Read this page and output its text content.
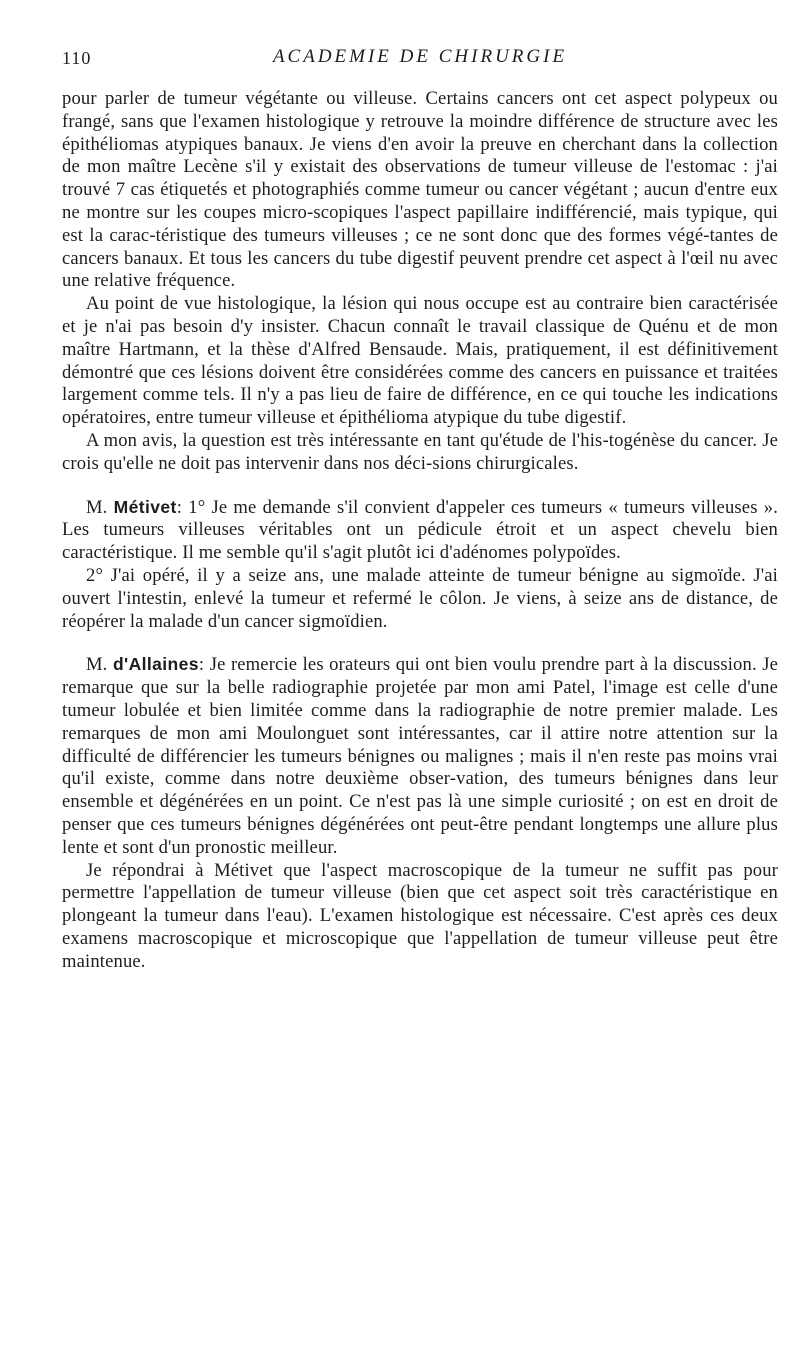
110	ACADEMIE DE CHIRURGIE

pour parler de tumeur végétante ou villeuse. Certains cancers ont cet aspect polypeux ou frangé, sans que l'examen histologique y retrouve la moindre différence de structure avec les épithéliomas atypiques banaux. Je viens d'en avoir la preuve en cherchant dans la collection de mon maître Lecène s'il y existait des observations de tumeur villeuse de l'estomac : j'ai trouvé 7 cas étiquetés et photographiés comme tumeur ou cancer végétant ; aucun d'entre eux ne montre sur les coupes micro-scopiques l'aspect papillaire indifférencié, mais typique, qui est la carac-téristique des tumeurs villeuses ; ce ne sont donc que des formes végé-tantes de cancers banaux. Et tous les cancers du tube digestif peuvent prendre cet aspect à l'œil nu avec une relative fréquence.

Au point de vue histologique, la lésion qui nous occupe est au contraire bien caractérisée et je n'ai pas besoin d'y insister. Chacun connaît le travail classique de Quénu et de mon maître Hartmann, et la thèse d'Alfred Bensaude. Mais, pratiquement, il est définitivement démontré que ces lésions doivent être considérées comme des cancers en puissance et traitées largement comme tels. Il n'y a pas lieu de faire de différence, en ce qui touche les indications opératoires, entre tumeur villeuse et épithélioma atypique du tube digestif.

A mon avis, la question est très intéressante en tant qu'étude de l'his-togénèse du cancer. Je crois qu'elle ne doit pas intervenir dans nos déci-sions chirurgicales.

M. Métivet: 1° Je me demande s'il convient d'appeler ces tumeurs « tumeurs villeuses ». Les tumeurs villeuses véritables ont un pédicule étroit et un aspect chevelu bien caractéristique. Il me semble qu'il s'agit plutôt ici d'adénomes polypoïdes.

2° J'ai opéré, il y a seize ans, une malade atteinte de tumeur bénigne au sigmoïde. J'ai ouvert l'intestin, enlevé la tumeur et refermé le côlon. Je viens, à seize ans de distance, de réopérer la malade d'un cancer sigmoïdien.

M. d'Allaines: Je remercie les orateurs qui ont bien voulu prendre part à la discussion. Je remarque que sur la belle radiographie projetée par mon ami Patel, l'image est celle d'une tumeur lobulée et bien limitée comme dans la radiographie de notre premier malade. Les remarques de mon ami Moulonguet sont intéressantes, car il attire notre attention sur la difficulté de différencier les tumeurs bénignes ou malignes ; mais il n'en reste pas moins vrai qu'il existe, comme dans notre deuxième obser-vation, des tumeurs bénignes dans leur ensemble et dégénérées en un point. Ce n'est pas là une simple curiosité ; on est en droit de penser que ces tumeurs bénignes dégénérées ont peut-être pendant longtemps une allure plus lente et sont d'un pronostic meilleur.

Je répondrai à Métivet que l'aspect macroscopique de la tumeur ne suffit pas pour permettre l'appellation de tumeur villeuse (bien que cet aspect soit très caractéristique en plongeant la tumeur dans l'eau). L'examen histologique est nécessaire. C'est après ces deux examens macroscopique et microscopique que l'appellation de tumeur villeuse peut être maintenue.
